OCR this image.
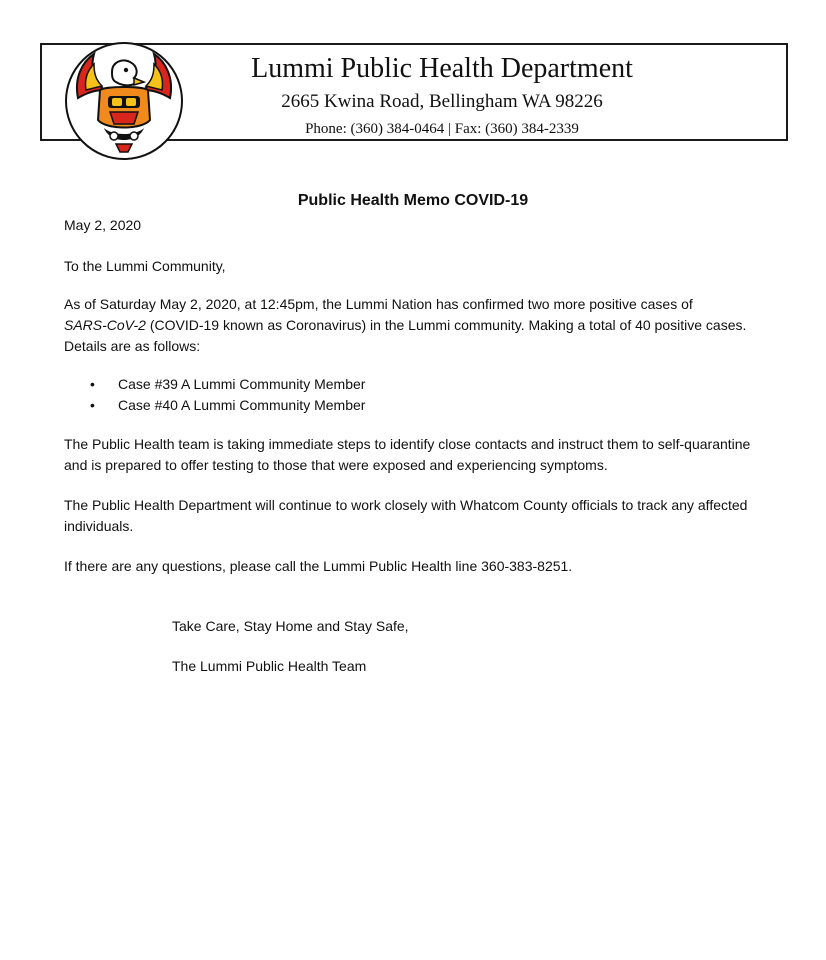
Lummi Public Health Department
2665 Kwina Road, Bellingham WA 98226
Phone: (360) 384-0464 | Fax: (360) 384-2339
Public Health Memo COVID-19

May 2, 2020

To the Lummi Community,

As of Saturday May 2, 2020, at 12:45pm, the Lummi Nation has confirmed two more positive cases of
SARS-CoV-2 (COVID-19 known as Coronavirus) in the Lummi community. Making a total of 40 positive cases. Details are as follows:

• Case #39 A Lummi Community Member
• Case #40 A Lummi Community Member

The Public Health team is taking immediate steps to identify close contacts and instruct them to self-quarantine and is prepared to offer testing to those that were exposed and experiencing symptoms.

The Public Health Department will continue to work closely with Whatcom County officials to track any affected individuals.

If there are any questions, please call the Lummi Public Health line 360-383-8251.

Take Care, Stay Home and Stay Safe,
The Lummi Public Health Team
